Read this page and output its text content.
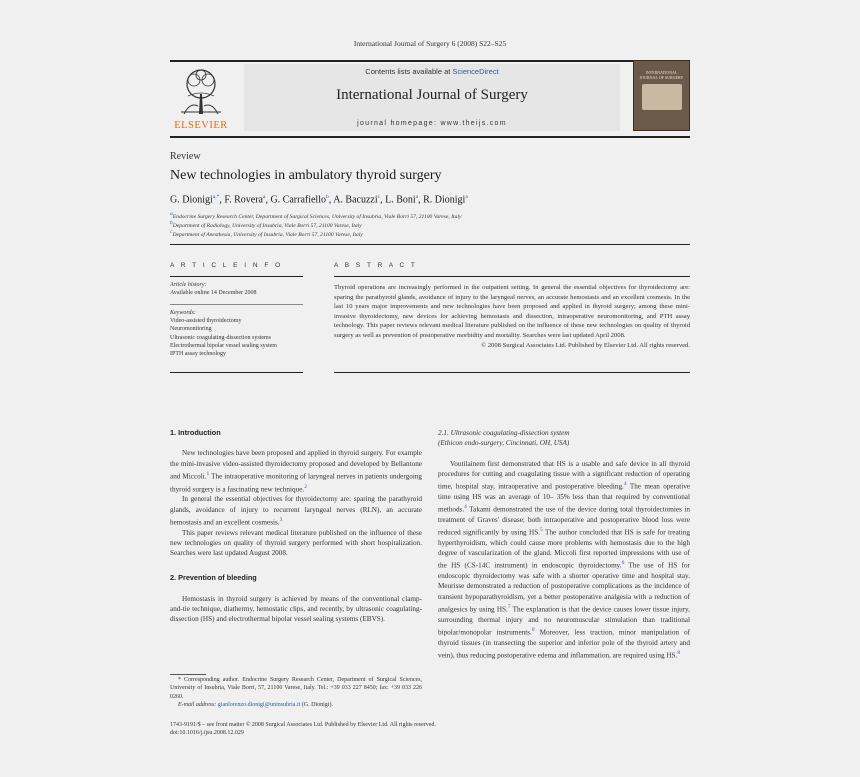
International Journal of Surgery 6 (2008) S22–S25
ELSEVIER
Contents lists available at ScienceDirect
International Journal of Surgery
journal homepage: www.theijs.com
INTERNATIONAL JOURNAL OF SURGERY
Review
New technologies in ambulatory thyroid surgery
G. Dionigi$^{a,*}$, F. Rovera$^a$, G. Carrafiello$^b$, A. Bacuzzi$^c$, L. Boni$^a$, R. Dionigi$^a$
$^a$Endocrine Surgery Research Center, Department of Surgical Sciences, University of Insubria, Viale Borri 57, 21100 Varese, Italy
$^b$Department of Radiology, University of Insubria, Viale Borri 57, 21100 Varese, Italy
$^c$Department of Anesthesia, University of Insubria, Viale Borri 57, 21100 Varese, Italy
A R T I C L E I N F O
Article history:
Available online 14 December 2008
Keywords:
Video-assisted thyroidectomy
Neuromonitoring
Ultrasonic coagulating-dissection systems
Electrothermal bipolar vessel sealing system
IPTH assay technology
A B S T R A C T
Thyroid operations are increasingly performed in the outpatient setting. In general the essential objectives for thyroidectomy are: sparing the parathyroid glands, avoidance of injury to the laryngeal nerves, an accurate hemostasis and an excellent cosmesis. In the last 10 years major improvements and new technologies have been proposed and applied in thyroid surgery; among these mini-invasive thyroidectomy, new devices for achieving hemostasis and dissection, intraoperative neuromonitoring, and PTH assay technology. This paper reviews relevant medical literature published on the influence of these new technologies on quality of thyroid surgery as well as prevention of postoperative morbidity and mortality. Searches were last updated April 2008.
© 2008 Surgical Associates Ltd. Published by Elsevier Ltd. All rights reserved.
1. Introduction

New technologies have been proposed and applied in thyroid surgery. For example the mini-invasive video-assisted thyroidectomy proposed and developed by Bellantone and Miccoli.$^1$ The intraoperative monitoring of laryngeal nerves in patients undergoing thyroid surgery is a fascinating new technique.$^2$

In general the essential objectives for thyroidectomy are: sparing the parathyroid glands, avoidance of injury to recurrent laryngeal nerves (RLN), an accurate hemostasis and an excellent cosmesis.$^3$

This paper reviews relevant medical literature published on the influence of these new technologies on quality of thyroid surgery performed with short hospitalization. Searches were last updated August 2008.

2. Prevention of bleeding

Hemostasis in thyroid surgery is achieved by means of the conventional clamp-and-tie technique, diathermy, hemostatic clips, and recently, by ultrasonic coagulating-dissection (HS) and electrothermal bipolar vessel sealing systems (EBVS).

* Corresponding author. Endocrine Surgery Research Center, Department of Surgical Sciences, University of Insubria, Viale Borri, 57, 21100 Varese, Italy. Tel.: +39 033 227 8450; fax: +39 033 226 0260.
E-mail address: gianlorenzo.dionigi@uninsubria.it (G. Dionigi).
1743-9191/$ – see front matter © 2008 Surgical Associates Ltd. Published by Elsevier Ltd. All rights reserved.
doi:10.1016/j.ijsu.2008.12.029
2.1. Ultrasonic coagulating-dissection system
(Ethicon endo-surgery, Cincinnati, OH, USA)

Voutilainem first demonstrated that HS is a usable and safe device in all thyroid procedures for cutting and coagulating tissue with a significant reduction of operating time, hospital stay, intraoperative and postoperative bleeding.$^4$ The mean operative time using HS was an average of 10– 35% less than that required by conventional methods.$^4$ Takami demonstrated the use of the device during total thyroidectomies in treatment of Graves' disease; both intraoperative and postoperative blood loss were reduced significantly by using HS.$^5$ The author concluded that HS is safe for treating hyperthyroidism, which could cause more problems with hemostasis due to the high degree of vascularization of the gland. Miccoli first reported impressions with use of the HS (CS-14C instrument) in endoscopic thyroidectomy.$^6$ The use of HS for endoscopic thyroidectomy was safe with a shorter operative time and hospital stay. Meurisse demonstrated a reduction of postoperative complications as the incidence of transient hypoparathyroidism, yet a better postoperative analgesia with a reduction of analgesics by using HS.$^7$ The explanation is that the device causes lower tissue injury, surrounding thermal injury and no neuromuscular stimulation than traditional bipolar/monopolar instruments.$^8$ Moreover, less traction, minor manipulation of thyroid tissues (in transecting the superior and inferior pole of the thyroid artery and vein), thus reducing postoperative edema and inflammation, are required using HS.$^8$
